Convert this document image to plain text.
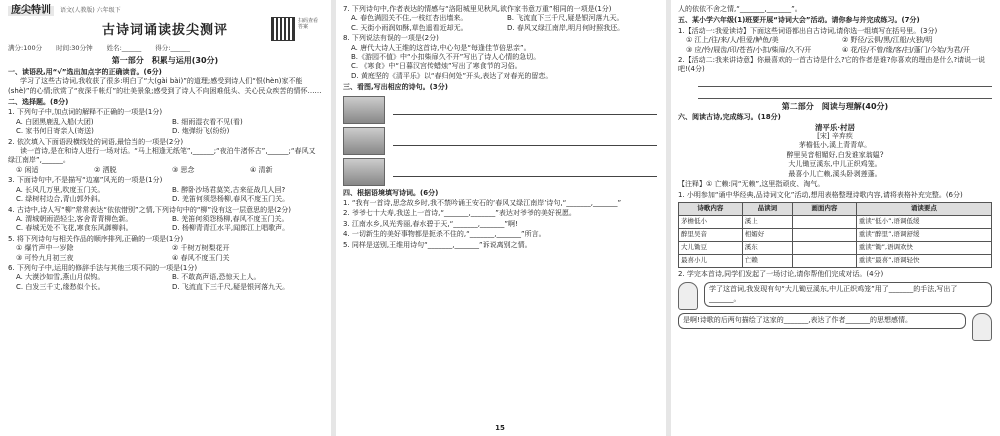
庞尖特训	语文(人教版) 六年级下
古诗词诵读拔尖测评
扫码查看答案
满分:100分 时间:30分钟 姓名:______ 得分:______
第一部分　积累与运用(30分)
一、读语段,用“√”选出加点字的正确读音。(6分)
学习了这些古诗词,我收获了很多:明白了“大(ɡài bài)”的道理;感受到诗人们“恨(hèn)家不能(shè)”的心情;欣赏了“夜深千帐灯”的壮美景象;感受到了诗人不向困难低头、关心民众疾苦的情怀……
二、选择题。(8分)
1. 下列句子中,加点词的解释不正确的一项是(1分)
A. 白团黑鹿乱入船(大团)	B. 细雨湿衣看不见(看)
C. 家书何日寄亲人(寄送)	D. 炮弹纷飞(纷纷)
2. 依次填入下面语段横线处的词语,最恰当的一项是(2分)
读一首诗,是在和诗人进行一场对话。“马上相逢无纸笔”,______;“夜泊牛渚怀古”,______;“春风又绿江南岸”,______。
① 闲适	② 洒脱	③ 思念	④ 清新
3. 下面诗句中,不是描写“边塞”风光的一项是(1分)
A. 长风几万里,吹度玉门关。	B. 醉卧沙场君莫笑,古来征战几人回?
C. 绿树村边合,青山郭外斜。	D. 羌笛何须怨杨柳,春风不度玉门关。
4. 古诗中,诗人写“柳”常常表达“依依惜别”之情,下列诗句中的“柳”没有这一层意思的是(2分)
A. 渭城朝雨浥轻尘,客舍青青柳色新。	B. 羌笛何须怨杨柳,春风不度玉门关。
C. 春城无处不飞花,寒食东风御柳斜。	D. 杨柳青青江水平,闻郎江上唱歌声。
5. 将下列诗句与相关作品的顺序排列,正确的一项是(1分)
① 爆竹声中一岁除	② 千树万树梨花开
③ 可怜九月初三夜	④ 春风不度玉门关
6. 下列句子中,运用的修辞手法与其他三项不同的一项是(1分)
A. 大漠沙如雪,燕山月似钩。	B. 不敢高声语,恐惊天上人。
C. 白发三千丈,缘愁似个长。	D. 飞流直下三千尺,疑是银河落九天。
7. 下列诗句中,作者表达的情感与“洛阳城里见秋风,欲作家书意万重”相同的一项是(1分)
A. 春色满园关不住,一枝红杏出墙来。	B. 飞流直下三千尺,疑是银河落九天。
C. 天街小雨润如酥,草色遥看近却无。	D. 春风又绿江南岸,明月何时照我还。
8. 下列说法有误的一项是(2分)
A. 唐代大诗人王维的这首诗,中心句是“每逢佳节倍思亲”。
B.《游园不值》中“小扣柴扉久不开”写出了诗人心情的急切。
C. 《寒食》中“日暮汉宫传蜡烛”写出了寒食节的习俗。
D. 黄庭坚的《清平乐》以“春归何处”开头,表达了对春光的留恋。
三、看图,写出相应的诗句。(3分)
四、根据语境填写诗词。(6分)
1. “我有一首诗,思念故乡时,我不禁吟诵王安石的‘春风又绿江南岸’诗句,“_______,_______”
2. 爷爷七十大寿,我送上一首诗,“_______,_______”表达对爷爷的美好祝愿。
3. 江南水乡,风光秀丽,春水碧于天,“_______,_______”啊!
4. 一切新生的美好事物都是扼杀不住的,“_______,_______”所言。
5. 同样是送别,王维用诗句“_______,_______”诉说离别之情。
15
人的依依不舍之情,“_______,_______”。
五、某小学六年级(1)班要开展“诗词大会”活动。请你参与并完成练习。(7分)
1.【活动一:我爱读诗】下面这些词语都出自古诗词,请你选一组填写在括号里。(3分)
① 江上/往/来/人/但爱/鲈鱼/美	② 野径/云俱/黑/江船/火独/明
③ 应/怜/屐齿/印/苍苔/小扣/柴扉/久不/开	④ 花/径/不曾/缘/客/扫/蓬门/今始/为君/开
2.【活动二:我来讲诗意】你最喜欢的一首古诗是什么?它的作者是谁?你喜欢的理由是什么?请说一说吧!(4分)
第二部分　阅读与理解(40分)
六、阅读古诗,完成练习。(18分)
清平乐·村居
[宋] 辛弃疾
茅檐低小,溪上青青草。
醉里吴音相媚好,白发谁家翁媪?
大儿锄豆溪东,中儿正织鸡笼。
最喜小儿亡赖,溪头卧剥莲蓬。
【注释】① 亡赖:同“无赖”,这里指顽皮、淘气。
1. 小明参加“诵中华经典,品诗词文化”活动,想用表格整理诗歌内容,请将表格补充完整。(6分)
诗歌内容	品读词	画面内容	诵读要点
茅檐低小	溪上		重读“低小”,语调低缓
醉里吴音	相媚好		重读“醉里”,语调舒缓
大儿锄豆	溪东		重读“锄”,语调欢快
最喜小儿	亡赖		重读“最喜”,语调轻快
2. 学完本首诗,同学们发起了一场讨论,请你帮他们完成对话。(4分)
学了这首词,我发现有句“大儿锄豆溪东,中儿正织鸡笼”用了_______的手法,写出了_______。
是啊!诗歌的后两句描绘了这家的_______,表达了作者_______的思想感情。
